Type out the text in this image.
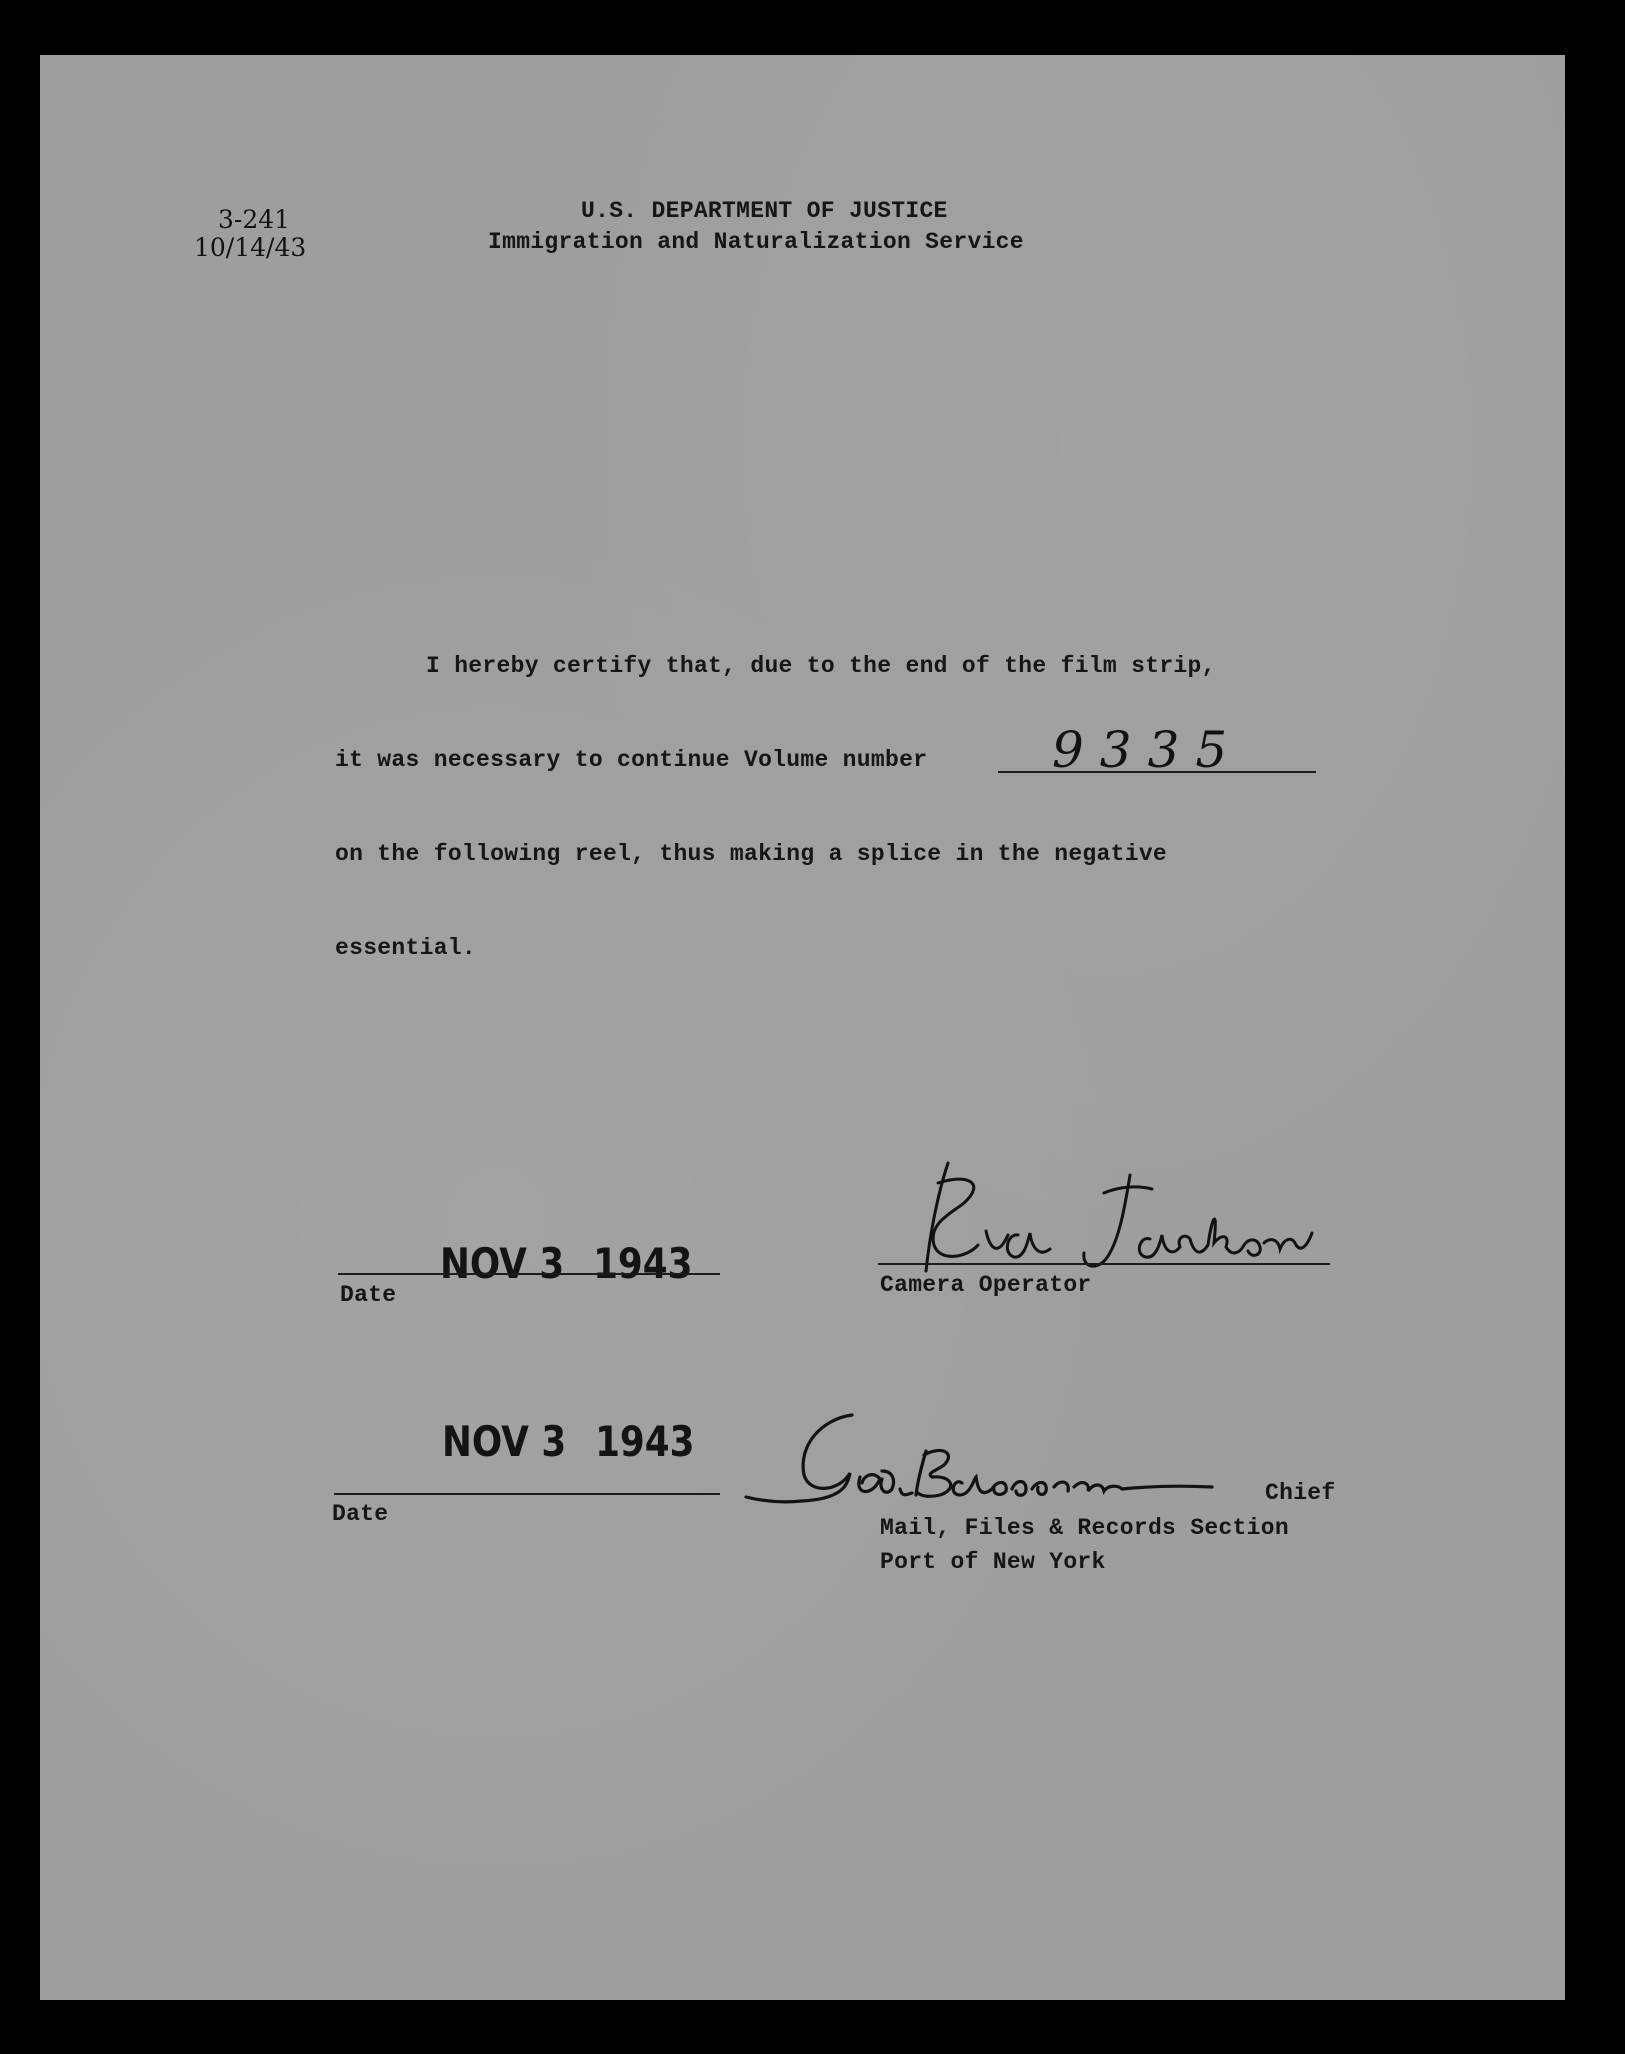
3-241
10/14/43
U.S. DEPARTMENT OF JUSTICE
Immigration and Naturalization Service
I hereby certify that, due to the end of the film strip,
it was necessary to continue Volume number 9335
on the following reel, thus making a splice in the negative
essential.
NOV 3 1943
Date	Camera Operator
NOV 3 1943
Date
Chief
Mail, Files & Records Section
Port of New York
